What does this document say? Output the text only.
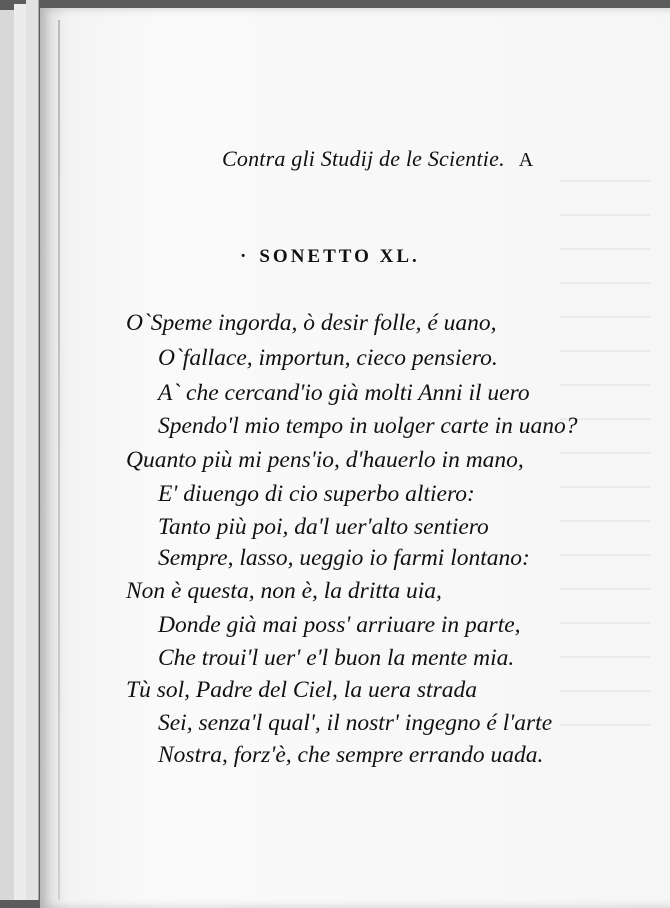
Contra gli Studij de le Scientie. A
· SONETTO XL.
O`Speme ingorda, ò desir folle, é uano,
O`fallace, importun, cieco pensiero.
A` che cercand'io già molti Anni il uero
Spendo'l mio tempo in uolger carte in uano?
Quanto più mi pens'io, d'hauerlo in mano,
E' diuengo di cio superbo altiero:
Tanto più poi, da'l uer'alto sentiero
Sempre, lasso, ueggio io farmi lontano:
Non è questa, non è, la dritta uia,
Donde già mai poss' arriuare in parte,
Che troui'l uer' e'l buon la mente mia.
Tù sol, Padre del Ciel, la uera strada
Sei, senza'l qual', il nostr' ingegno é l'arte
Nostra, forz'è, che sempre errando uada.
